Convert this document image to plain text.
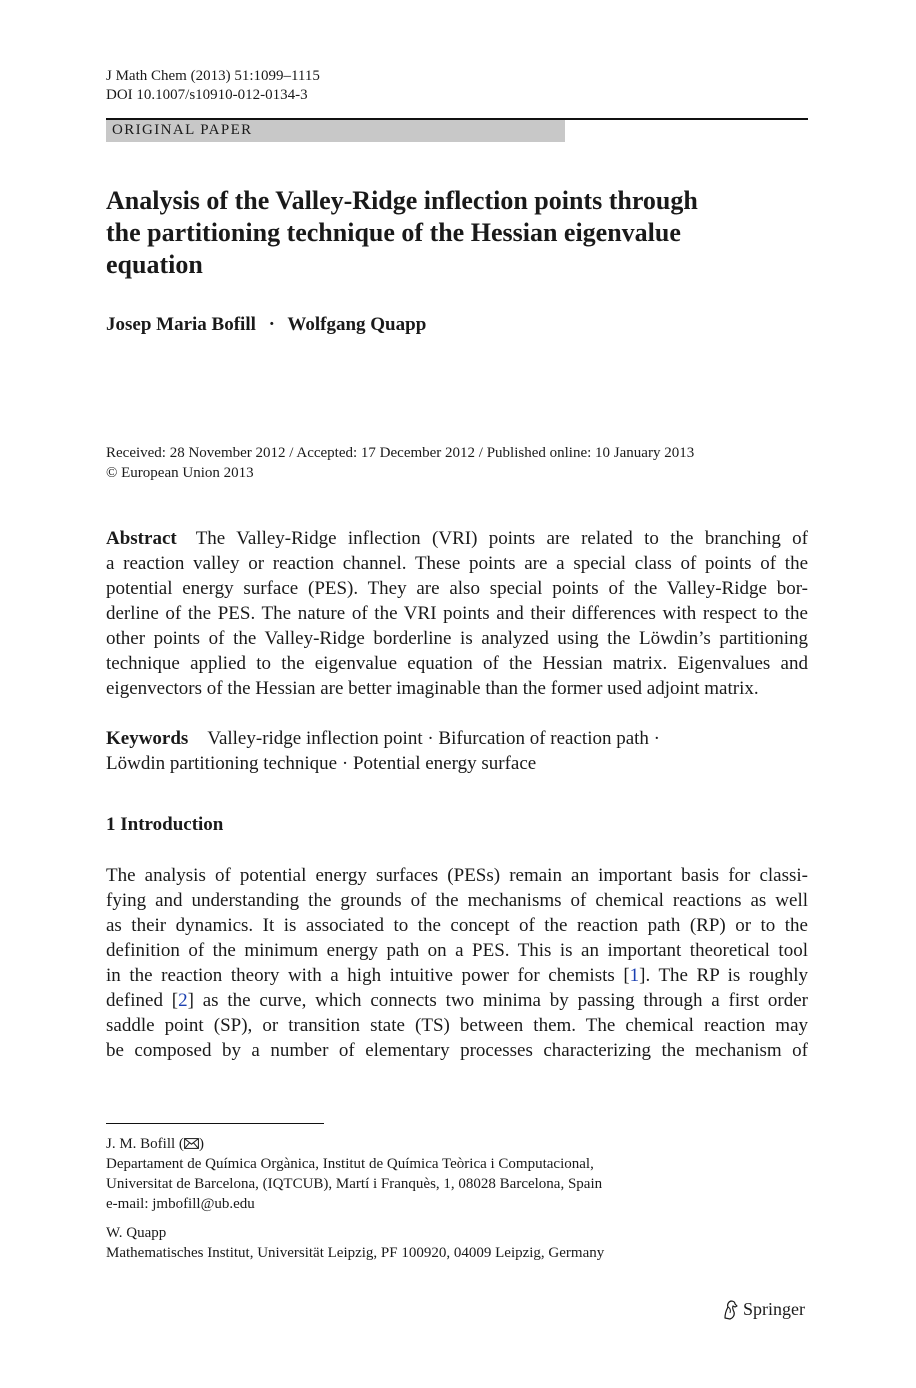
J Math Chem (2013) 51:1099–1115
DOI 10.1007/s10910-012-0134-3
ORIGINAL PAPER
Analysis of the Valley-Ridge inflection points through
the partitioning technique of the Hessian eigenvalue
equation
Josep Maria Bofill · Wolfgang Quapp
Received: 28 November 2012 / Accepted: 17 December 2012 / Published online: 10 January 2013
© European Union 2013
Abstract The Valley-Ridge inflection (VRI) points are related to the branching of
a reaction valley or reaction channel. These points are a special class of points of the
potential energy surface (PES). They are also special points of the Valley-Ridge bor-
derline of the PES. The nature of the VRI points and their differences with respect to the
other points of the Valley-Ridge borderline is analyzed using the Löwdin’s partitioning
technique applied to the eigenvalue equation of the Hessian matrix. Eigenvalues and
eigenvectors of the Hessian are better imaginable than the former used adjoint matrix.
Keywords Valley-ridge inflection point · Bifurcation of reaction path ·
Löwdin partitioning technique · Potential energy surface
1 Introduction
The analysis of potential energy surfaces (PESs) remain an important basis for classi-
fying and understanding the grounds of the mechanisms of chemical reactions as well
as their dynamics. It is associated to the concept of the reaction path (RP) or to the
definition of the minimum energy path on a PES. This is an important theoretical tool
in the reaction theory with a high intuitive power for chemists [1]. The RP is roughly
defined [2] as the curve, which connects two minima by passing through a first order
saddle point (SP), or transition state (TS) between them. The chemical reaction may
be composed by a number of elementary processes characterizing the mechanism of
J. M. Bofill ( )
Departament de Química Orgànica, Institut de Química Teòrica i Computacional,
Universitat de Barcelona, (IQTCUB), Martí i Franquès, 1, 08028 Barcelona, Spain
e-mail: jmbofill@ub.edu
W. Quapp
Mathematisches Institut, Universität Leipzig, PF 100920, 04009 Leipzig, Germany
Springer
